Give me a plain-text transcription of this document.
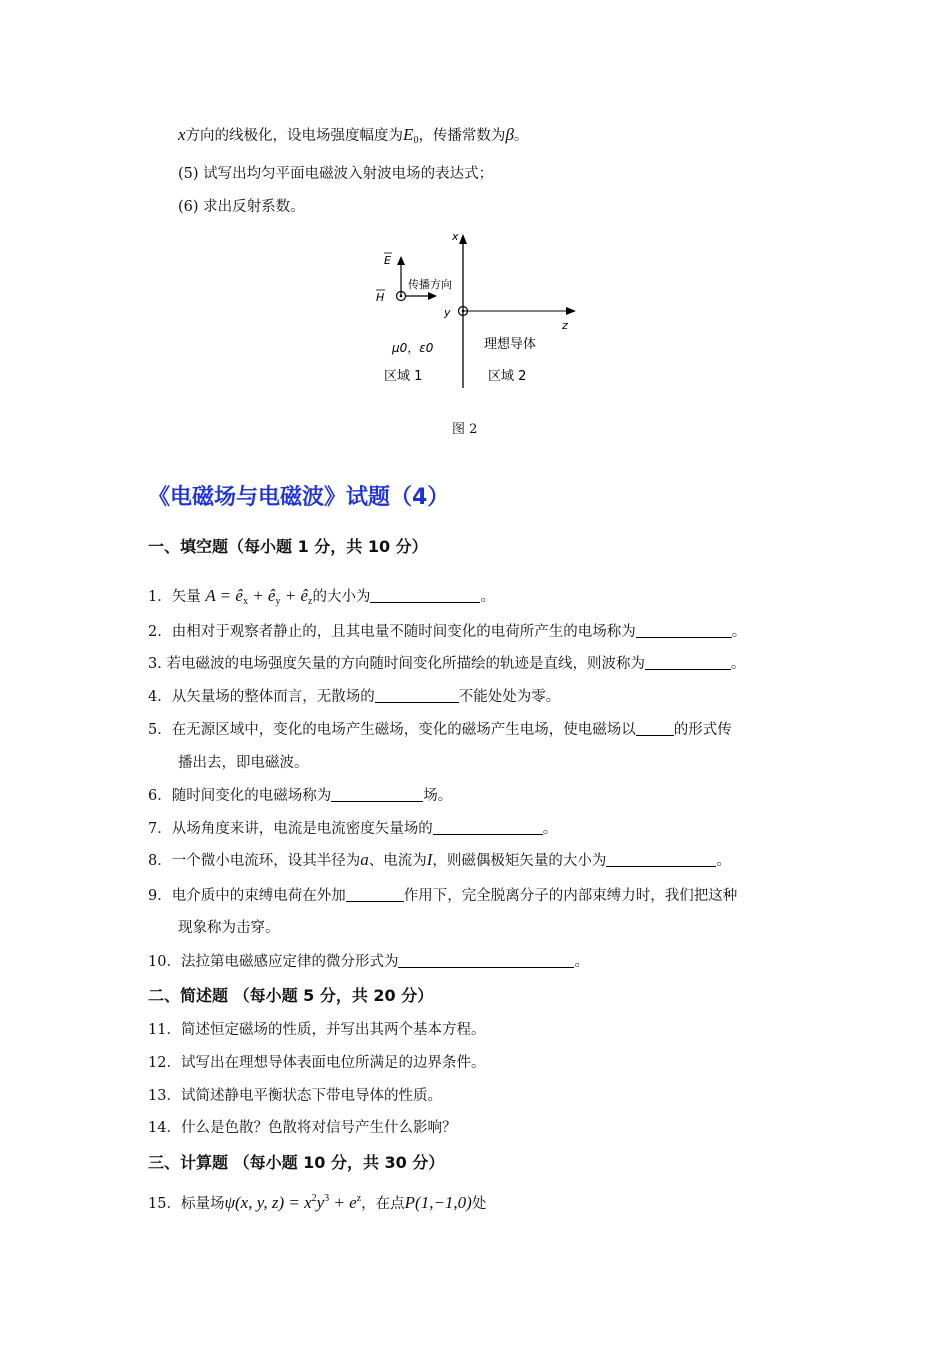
x方向的线极化，设电场强度幅度为$E_0$，传播常数为β。
(5) 试写出均匀平面电磁波入射波电场的表达式；
(6) 求出反射系数。
x
z
y
E
H
传播方向
μ0，ε0	理想导体
区域 1	区域 2
图 2
《电磁场与电磁波》试题（4）
一、填空题（每小题 1 分，共 10 分）
1．矢量 $A = ê_x$ + $ê_y$ + $ê_z$的大小为	。
2．由相对于观察者静止的，且其电量不随时间变化的电荷所产生的电场称为	。
3. 若电磁波的电场强度矢量的方向随时间变化所描绘的轨迹是直线，则波称为	。
4．从矢量场的整体而言，无散场的	不能处处为零。
5．在无源区域中，变化的电场产生磁场，变化的磁场产生电场，使电磁场以	的形式传
播出去，即电磁波。
6．随时间变化的电磁场称为	场。
7．从场角度来讲，电流是电流密度矢量场的	。
8．一个微小电流环，设其半径为a、电流为I，则磁偶极矩矢量的大小为	。
9．电介质中的束缚电荷在外加	作用下，完全脱离分子的内部束缚力时，我们把这种
现象称为击穿。
10．法拉第电磁感应定律的微分形式为	。
二、简述题 （每小题 5 分，共 20 分）
11．简述恒定磁场的性质，并写出其两个基本方程。
12．试写出在理想导体表面电位所满足的边界条件。
13．试简述静电平衡状态下带电导体的性质。
14．什么是色散？色散将对信号产生什么影响？
三、计算题 （每小题 10 分，共 30 分）
15．标量场ψ(x, y, $z) = x^2y^3 + e^z$，在点P(1,−1,0)处
